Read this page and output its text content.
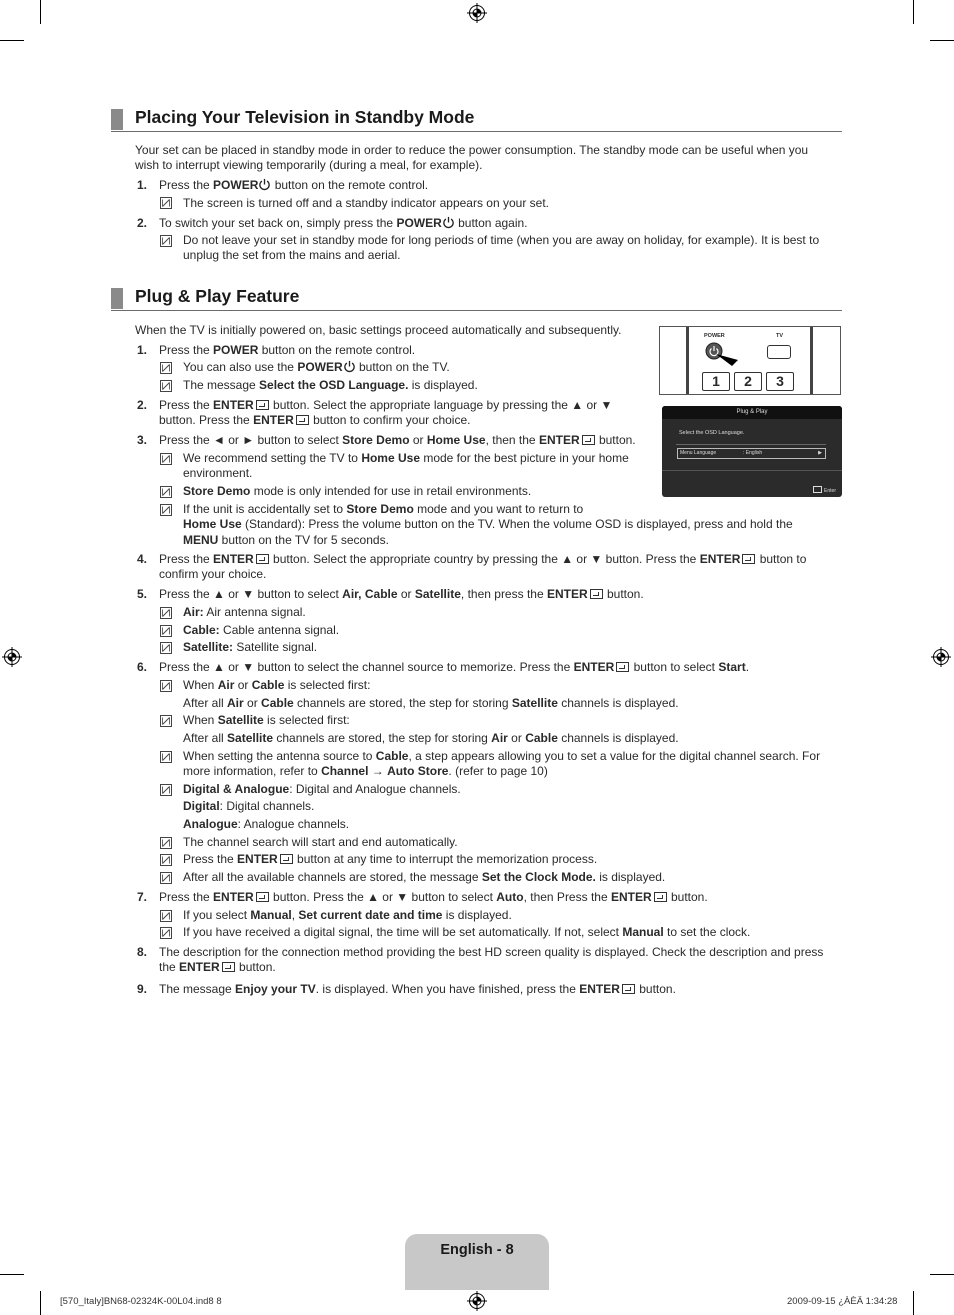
Placing Your Television in Standby Mode
Your set can be placed in standby mode in order to reduce the power consumption. The standby mode can be useful when you wish to interrupt viewing temporarily (during a meal, for example).
1. Press the POWER button on the remote control.
The screen is turned off and a standby indicator appears on your set.
2. To switch your set back on, simply press the POWER button again.
Do not leave your set in standby mode for long periods of time (when you are away on holiday, for example). It is best to unplug the set from the mains and aerial.
Plug & Play Feature
When the TV is initially powered on, basic settings proceed automatically and subsequently.	POWER	TV
1	2	3
Plug & Play
Select the OSD Language.
Menu Language	: English	▶
Enter
1. Press the POWER button on the remote control.
You can also use the POWER button on the TV.
The message Select the OSD Language. is displayed.
2. Press the ENTER button. Select the appropriate language by pressing the ▲ or ▼
button. Press the ENTER button to confirm your choice.
3. Press the ◄ or ► button to select Store Demo or Home Use, then the ENTER button.
We recommend setting the TV to Home Use mode for the best picture in your home
environment.
Store Demo mode is only intended for use in retail environments.
If the unit is accidentally set to Store Demo mode and you want to return to
Home Use (Standard): Press the volume button on the TV. When the volume OSD is displayed, press and hold the
MENU button on the TV for 5 seconds.
4. Press the ENTER button. Select the appropriate country by pressing the ▲ or ▼ button. Press the ENTER button to
confirm your choice.
5. Press the ▲ or ▼ button to select Air, Cable or Satellite, then press the ENTER button.
Air: Air antenna signal.
Cable: Cable antenna signal.
Satellite: Satellite signal.
6. Press the ▲ or ▼ button to select the channel source to memorize. Press the ENTER button to select Start.
When Air or Cable is selected first:
After all Air or Cable channels are stored, the step for storing Satellite channels is displayed.
When Satellite is selected first:
After all Satellite channels are stored, the step for storing Air or Cable channels is displayed.
When setting the antenna source to Cable, a step appears allowing you to set a value for the digital channel search. For
more information, refer to Channel → Auto Store. (refer to page 10)
Digital & Analogue: Digital and Analogue channels.
Digital: Digital channels.
Analogue: Analogue channels.
The channel search will start and end automatically.
Press the ENTER button at any time to interrupt the memorization process.
After all the available channels are stored, the message Set the Clock Mode. is displayed.
7. Press the ENTER button. Press the ▲ or ▼ button to select Auto, then Press the ENTER button.
If you select Manual, Set current date and time is displayed.
If you have received a digital signal, the time will be set automatically. If not, select Manual to set the clock.
8. The description for the connection method providing the best HD screen quality is displayed. Check the description and press
the ENTER button.
9. The message Enjoy your TV. is displayed. When you have finished, press the ENTER button.
English - 8
[570_Italy]BN68-02324K-00L04.ind8 8	2009-09-15 ¿ÀÈÄ 1:34:28
